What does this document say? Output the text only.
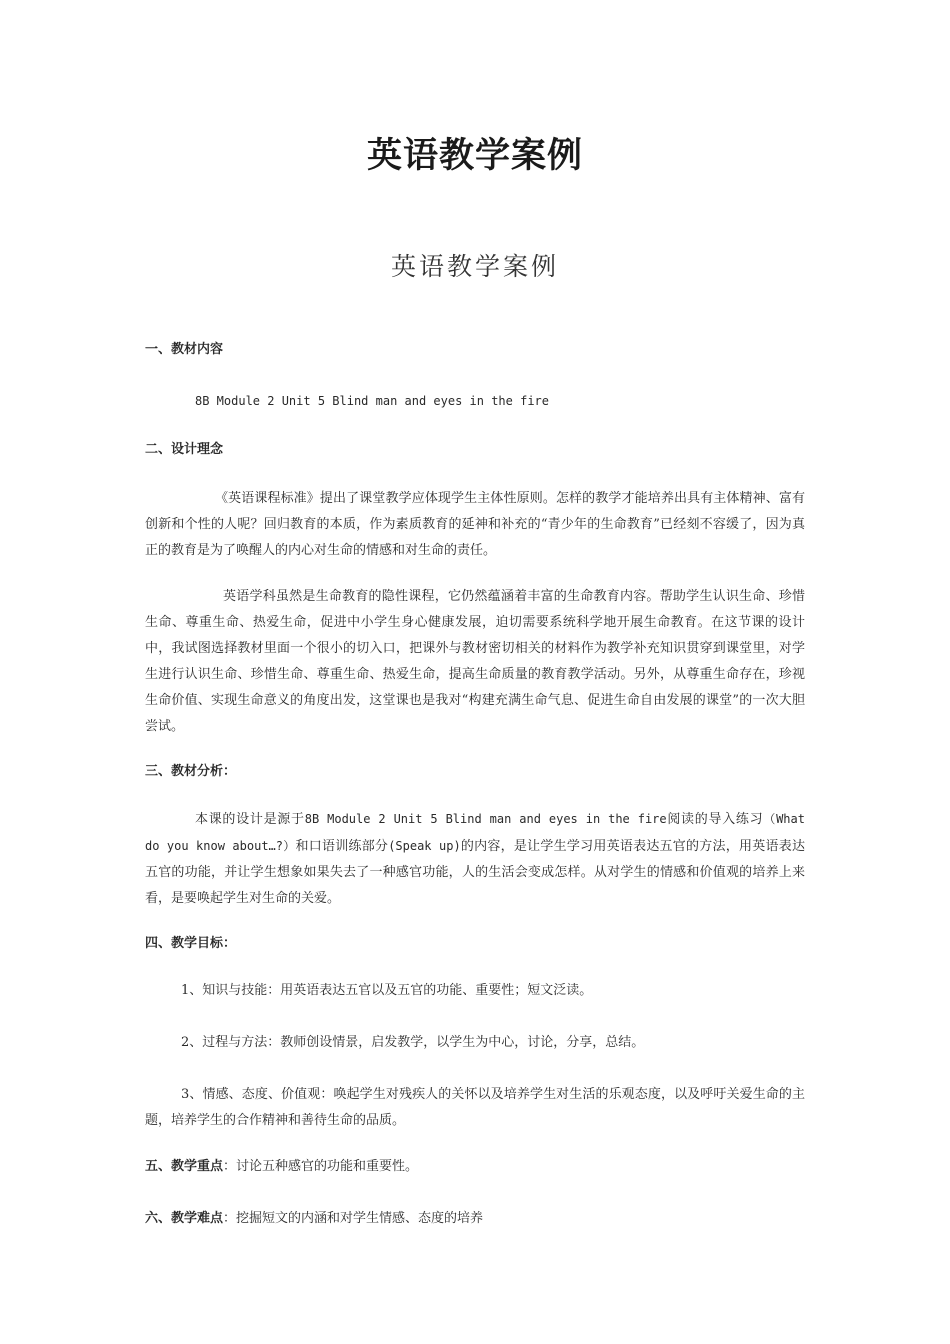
英语教学案例
英语教学案例

一、教材内容

8B Module 2 Unit 5 Blind man and eyes in the fire

二、设计理念

《英语课程标准》提出了课堂教学应体现学生主体性原则。怎样的教学才能培养出具有主体精神、富有创新和个性的人呢？回归教育的本质，作为素质教育的延神和补充的“青少年的生命教育”已经刻不容缓了，因为真正的教育是为了唤醒人的内心对生命的情感和对生命的责任。

英语学科虽然是生命教育的隐性课程，它仍然蕴涵着丰富的生命教育内容。帮助学生认识生命、珍惜生命、尊重生命、热爱生命，促进中小学生身心健康发展，迫切需要系统科学地开展生命教育。在这节课的设计中，我试图选择教材里面一个很小的切入口，把课外与教材密切相关的材料作为教学补充知识贯穿到课堂里，对学生进行认识生命、珍惜生命、尊重生命、热爱生命，提高生命质量的教育教学活动。另外，从尊重生命存在，珍视生命价值、实现生命意义的角度出发，这堂课也是我对“构建充满生命气息、促进生命自由发展的课堂”的一次大胆尝试。

三、教材分析：

本课的设计是源于8B Module 2 Unit 5 Blind man and eyes in the fire阅读的导入练习（What do you know about…?）和口语训练部分(Speak up)的内容，是让学生学习用英语表达五官的方法，用英语表达五官的功能，并让学生想象如果失去了一种感官功能，人的生活会变成怎样。从对学生的情感和价值观的培养上来看，是要唤起学生对生命的关爱。

四、教学目标：

1、知识与技能：用英语表达五官以及五官的功能、重要性；短文泛读。

2、过程与方法：教师创设情景，启发教学，以学生为中心，讨论，分享，总结。

3、情感、态度、价值观：唤起学生对残疾人的关怀以及培养学生对生活的乐观态度，以及呼吁关爱生命的主题，培养学生的合作精神和善待生命的品质。

五、教学重点：讨论五种感官的功能和重要性。

六、教学难点：挖掘短文的内涵和对学生情感、态度的培养
